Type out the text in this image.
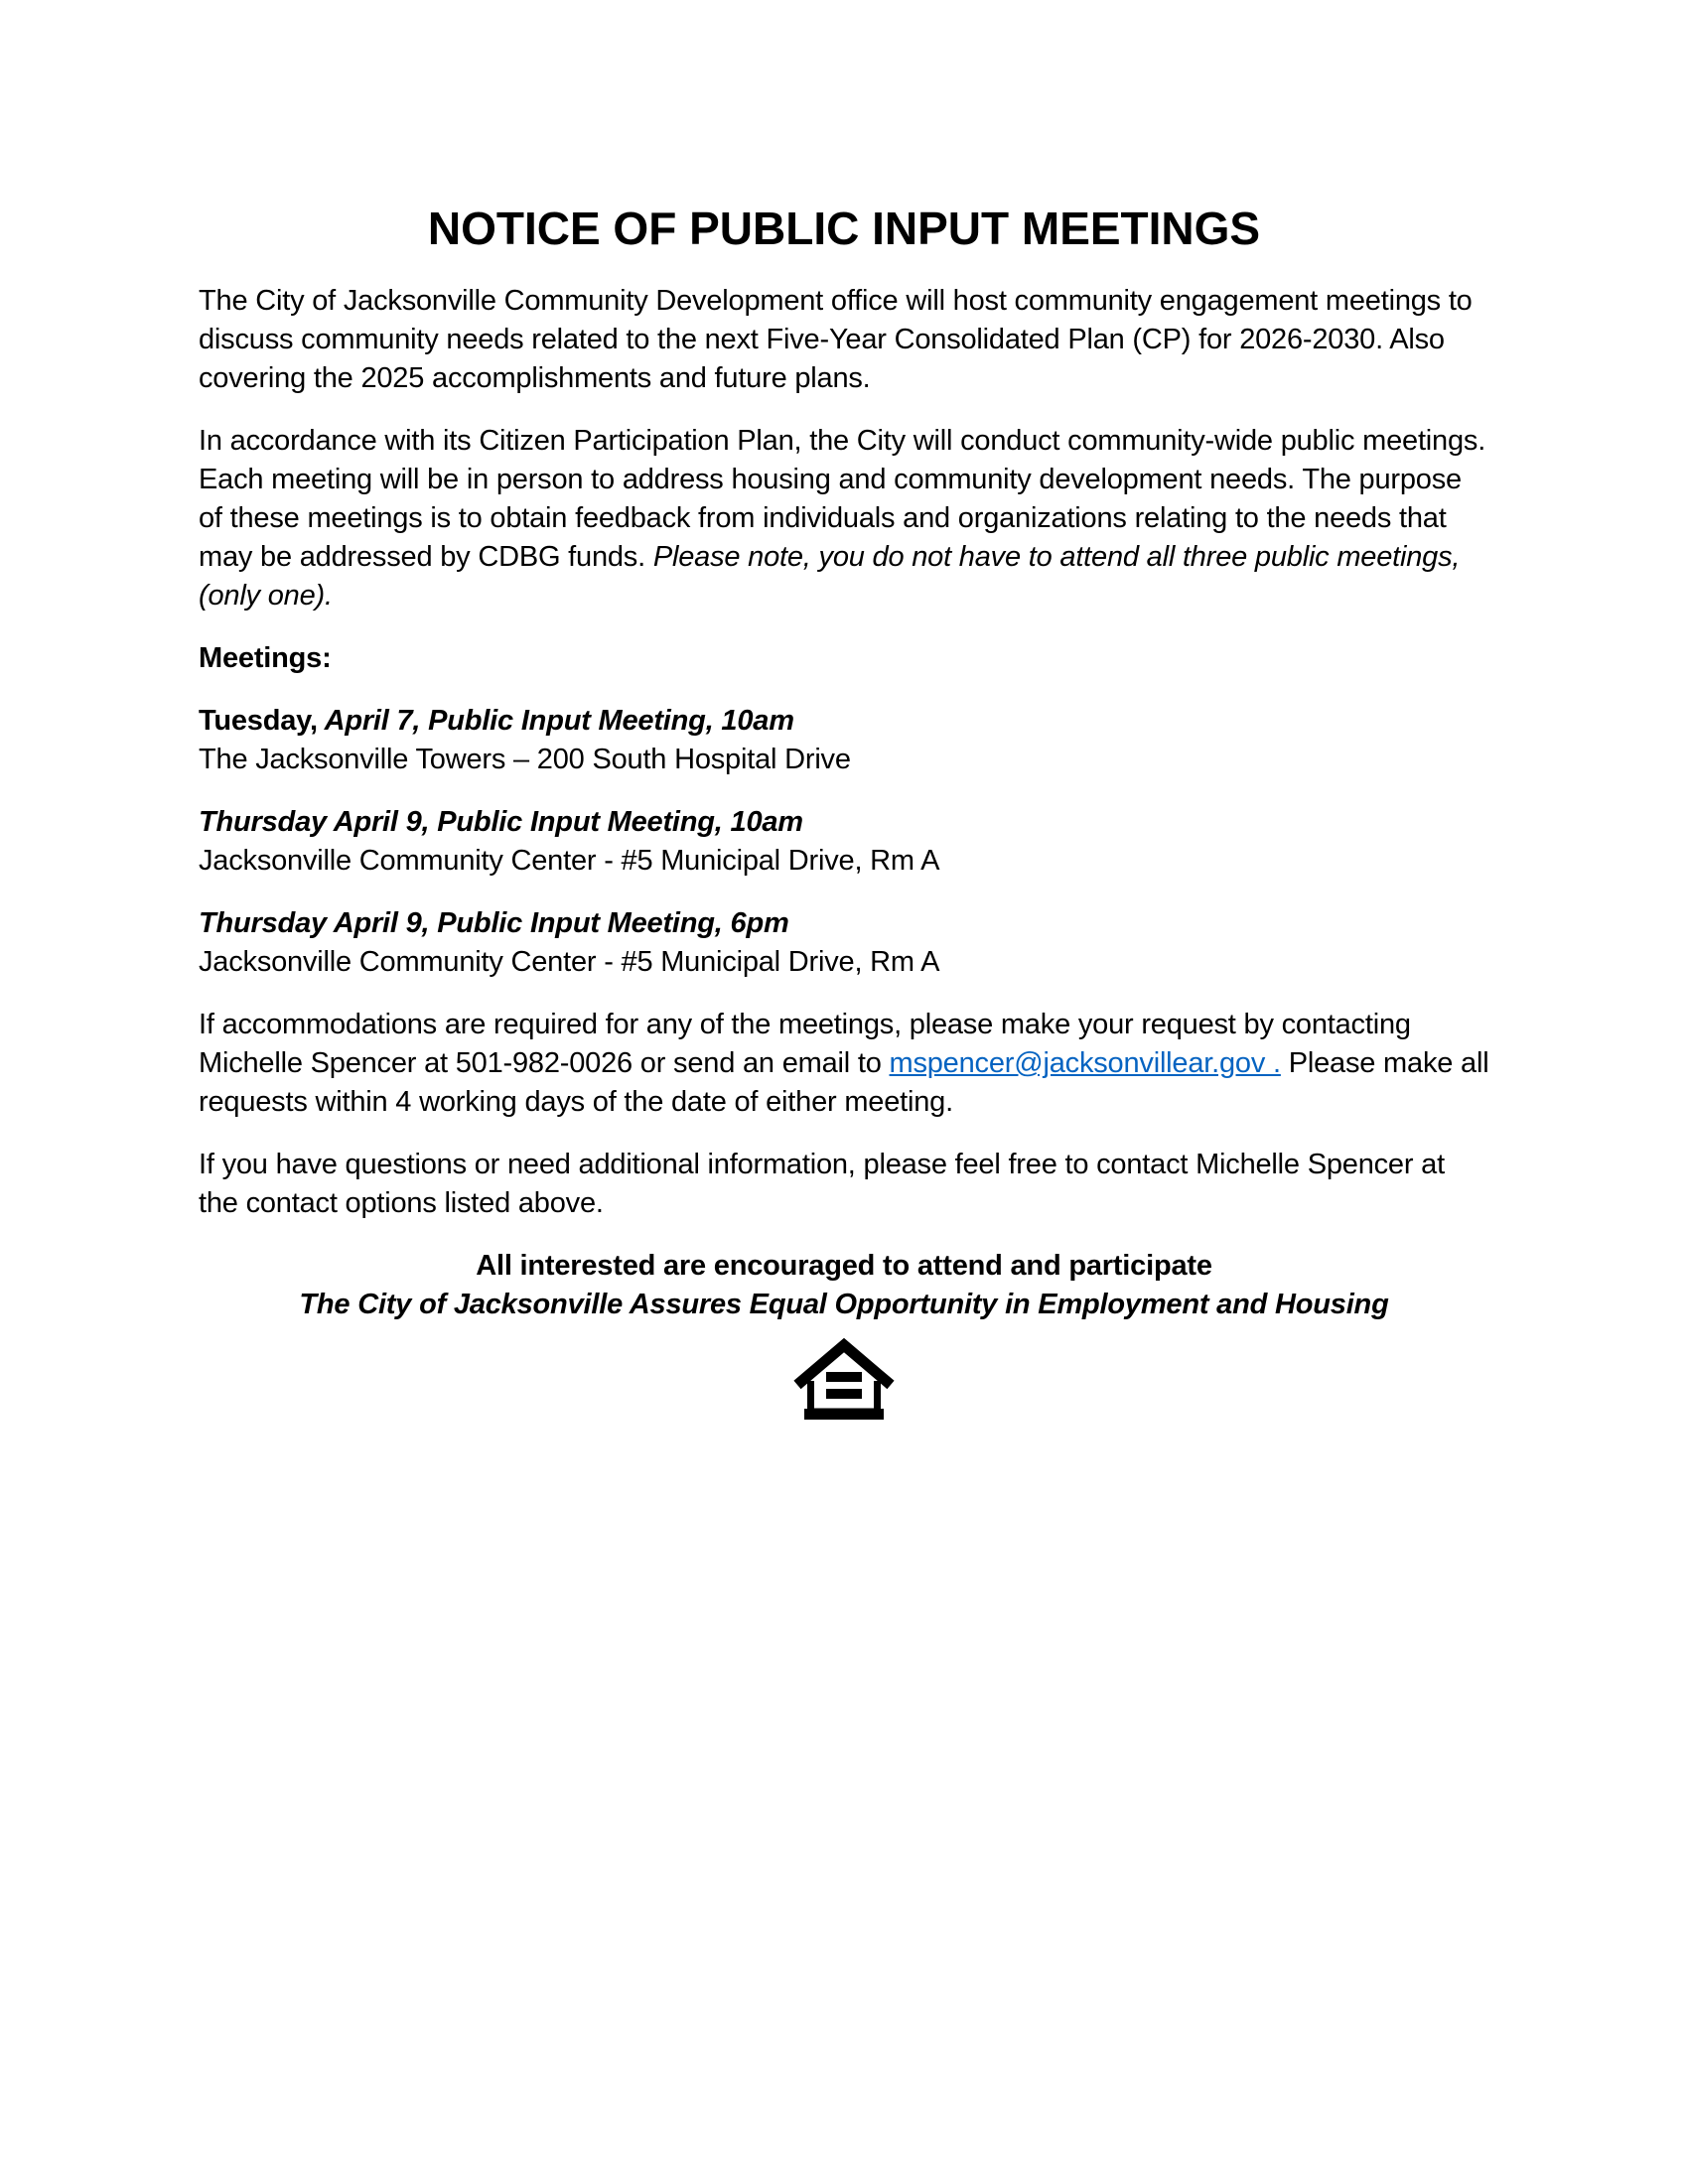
NOTICE OF PUBLIC INPUT MEETINGS

The City of Jacksonville Community Development office will host community engagement meetings to discuss community needs related to the next Five-Year Consolidated Plan (CP) for 2026-2030. Also covering the 2025 accomplishments and future plans.

In accordance with its Citizen Participation Plan, the City will conduct community-wide public meetings. Each meeting will be in person to address housing and community development needs. The purpose of these meetings is to obtain feedback from individuals and organizations relating to the needs that may be addressed by CDBG funds. Please note, you do not have to attend all three public meetings, (only one).

Meetings:

Tuesday, April 7, Public Input Meeting, 10am

The Jacksonville Towers – 200 South Hospital Drive

Thursday April 9, Public Input Meeting, 10am

Jacksonville Community Center - #5 Municipal Drive, Rm A

Thursday April 9, Public Input Meeting, 6pm

Jacksonville Community Center - #5 Municipal Drive, Rm A

If accommodations are required for any of the meetings, please make your request by contacting Michelle Spencer at 501-982-0026 or send an email to mspencer@jacksonvillear.gov . Please make all requests within 4 working days of the date of either meeting.

If you have questions or need additional information, please feel free to contact Michelle Spencer at the contact options listed above.

All interested are encouraged to attend and participate
The City of Jacksonville Assures Equal Opportunity in Employment and Housing
